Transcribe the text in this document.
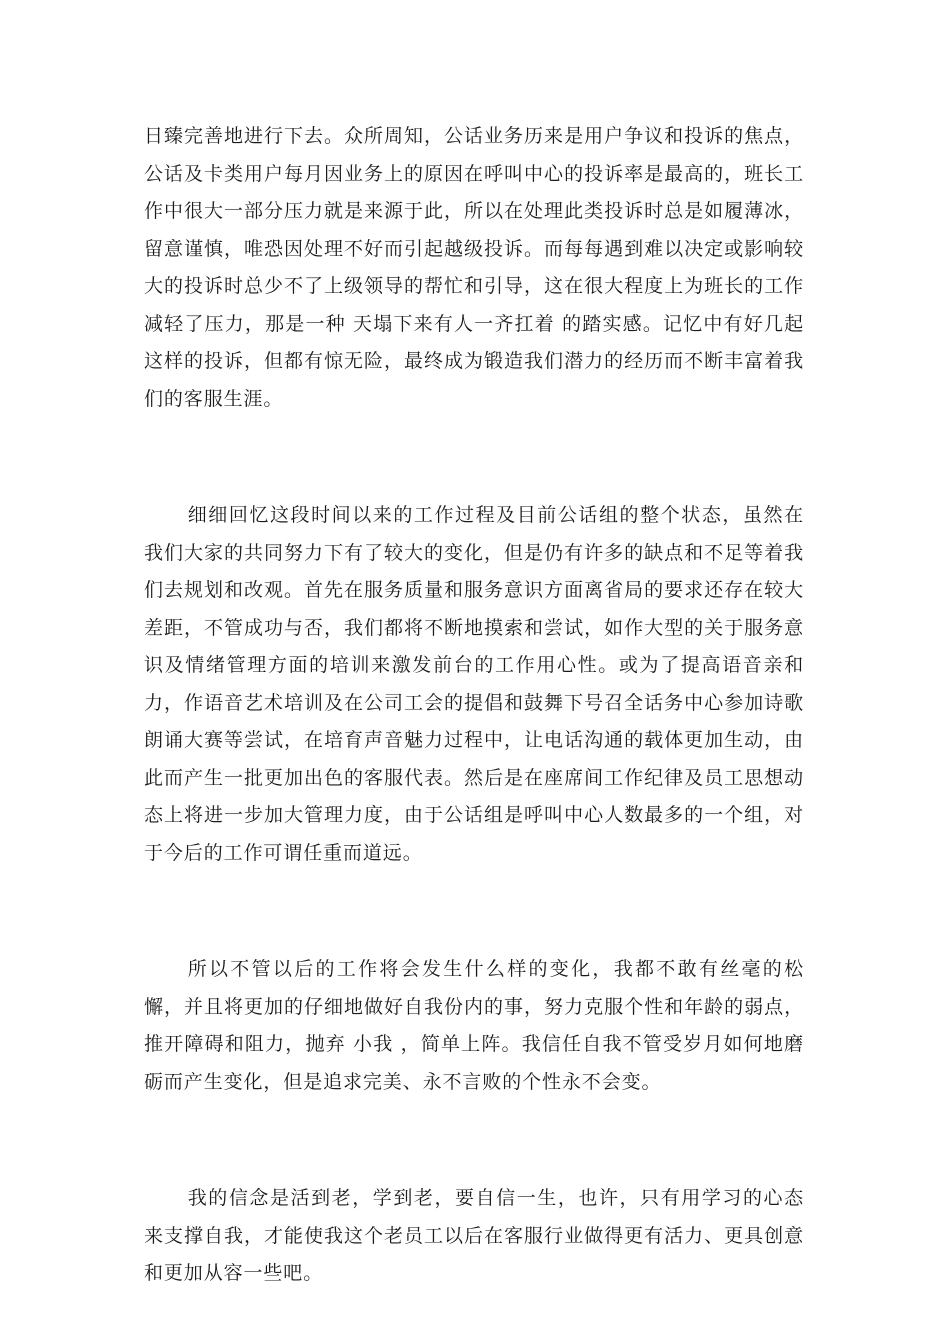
日臻完善地进行下去。众所周知，公话业务历来是用户争议和投诉的焦点，公话及卡类用户每月因业务上的原因在呼叫中心的投诉率是最高的，班长工作中很大一部分压力就是来源于此，所以在处理此类投诉时总是如履薄冰，留意谨慎，唯恐因处理不好而引起越级投诉。而每每遇到难以决定或影响较大的投诉时总少不了上级领导的帮忙和引导，这在很大程度上为班长的工作减轻了压力，那是一种 天塌下来有人一齐扛着 的踏实感。记忆中有好几起这样的投诉，但都有惊无险，最终成为锻造我们潜力的经历而不断丰富着我们的客服生涯。

细细回忆这段时间以来的工作过程及目前公话组的整个状态，虽然在我们大家的共同努力下有了较大的变化，但是仍有许多的缺点和不足等着我们去规划和改观。首先在服务质量和服务意识方面离省局的要求还存在较大差距，不管成功与否，我们都将不断地摸索和尝试，如作大型的关于服务意识及情绪管理方面的培训来激发前台的工作用心性。或为了提高语音亲和力，作语音艺术培训及在公司工会的提倡和鼓舞下号召全话务中心参加诗歌朗诵大赛等尝试，在培育声音魅力过程中，让电话沟通的载体更加生动，由此而产生一批更加出色的客服代表。然后是在座席间工作纪律及员工思想动态上将进一步加大管理力度，由于公话组是呼叫中心人数最多的一个组，对于今后的工作可谓任重而道远。

所以不管以后的工作将会发生什么样的变化，我都不敢有丝毫的松懈，并且将更加的仔细地做好自我份内的事，努力克服个性和年龄的弱点，推开障碍和阻力，抛弃 小我 ，简单上阵。我信任自我不管受岁月如何地磨砺而产生变化，但是追求完美、永不言败的个性永不会变。

我的信念是活到老，学到老，要自信一生，也许，只有用学习的心态来支撑自我，才能使我这个老员工以后在客服行业做得更有活力、更具创意和更加从容一些吧。
